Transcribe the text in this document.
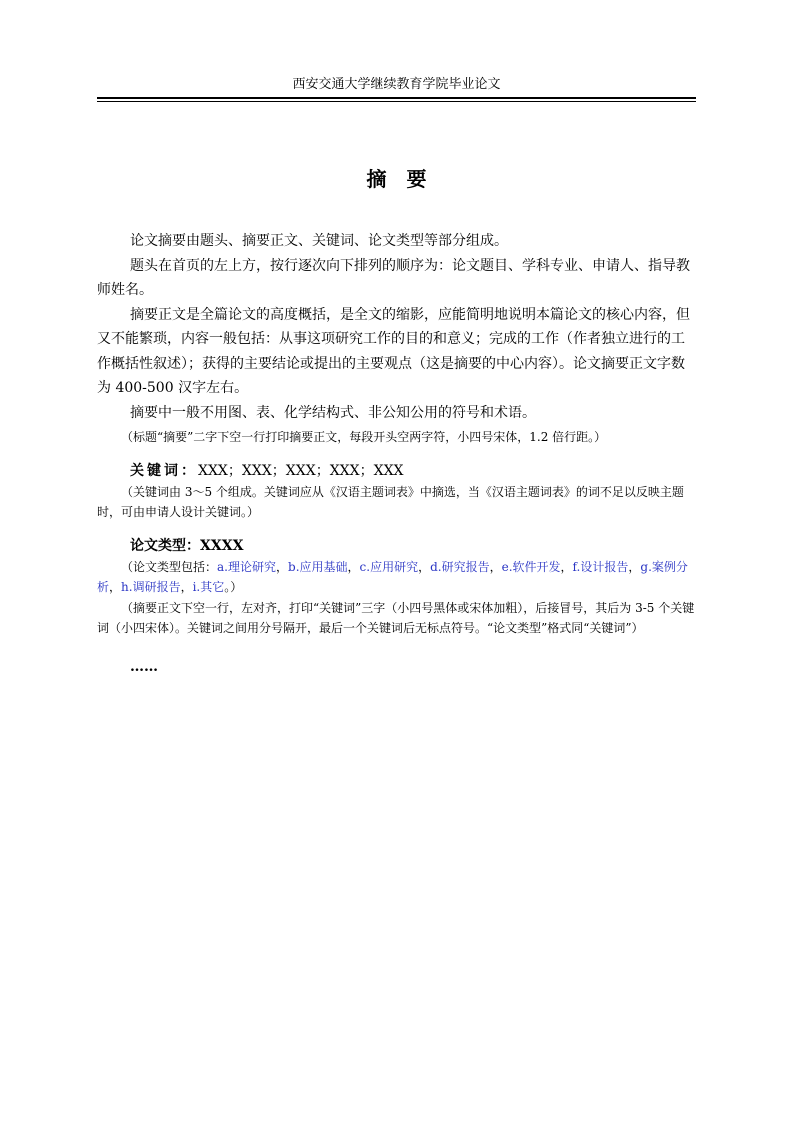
西安交通大学继续教育学院毕业论文
摘要

论文摘要由题头、摘要正文、关键词、论文类型等部分组成。

题头在首页的左上方，按行逐次向下排列的顺序为：论文题目、学科专业、申请人、指导教师姓名。

摘要正文是全篇论文的高度概括，是全文的缩影，应能简明地说明本篇论文的核心内容，但又不能繁琐，内容一般包括：从事这项研究工作的目的和意义；完成的工作（作者独立进行的工作概括性叙述）；获得的主要结论或提出的主要观点（这是摘要的中心内容）。论文摘要正文字数为 400-500 汉字左右。

摘要中一般不用图、表、化学结构式、非公知公用的符号和术语。

（标题“摘要”二字下空一行打印摘要正文，每段开头空两字符，小四号宋体，1.2 倍行距。）

关键词：XXX；XXX；XXX；XXX；XXX

（关键词由 3～5 个组成。关键词应从《汉语主题词表》中摘选，当《汉语主题词表》的词不足以反映主题时，可由申请人设计关键词。）

论文类型：XXXX

（论文类型包括：a.理论研究，b.应用基础，c.应用研究，d.研究报告，e.软件开发，f.设计报告，g.案例分析，h.调研报告，i.其它。）

（摘要正文下空一行，左对齐，打印“关键词”三字（小四号黑体或宋体加粗），后接冒号，其后为 3-5 个关键词（小四宋体）。关键词之间用分号隔开，最后一个关键词后无标点符号。“论文类型”格式同“关键词”）

……
